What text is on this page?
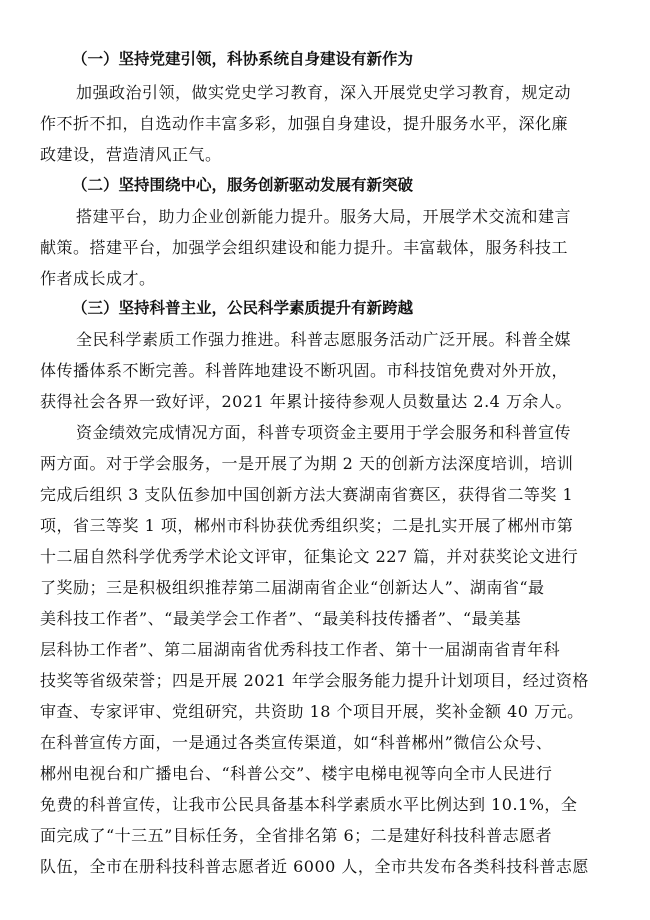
（一）坚持党建引领，科协系统自身建设有新作为
加强政治引领，做实党史学习教育，深入开展党史学习教育，规定动
作不折不扣，自选动作丰富多彩，加强自身建设，提升服务水平，深化廉
政建设，营造清风正气。
（二）坚持围绕中心，服务创新驱动发展有新突破
搭建平台，助力企业创新能力提升。服务大局，开展学术交流和建言
献策。搭建平台，加强学会组织建设和能力提升。丰富载体，服务科技工
作者成长成才。
（三）坚持科普主业，公民科学素质提升有新跨越
全民科学素质工作强力推进。科普志愿服务活动广泛开展。科普全媒
体传播体系不断完善。科普阵地建设不断巩固。市科技馆免费对外开放，
获得社会各界一致好评，2021 年累计接待参观人员数量达 2.4 万余人。
资金绩效完成情况方面，科普专项资金主要用于学会服务和科普宣传
两方面。对于学会服务，一是开展了为期 2 天的创新方法深度培训，培训
完成后组织 3 支队伍参加中国创新方法大赛湖南省赛区，获得省二等奖 1
项，省三等奖 1 项，郴州市科协获优秀组织奖；二是扎实开展了郴州市第
十二届自然科学优秀学术论文评审，征集论文 227 篇，并对获奖论文进行
了奖励；三是积极组织推荐第二届湖南省企业“创新达人”、湖南省“最
美科技工作者”、“最美学会工作者”、“最美科技传播者”、“最美基
层科协工作者”、第二届湖南省优秀科技工作者、第十一届湖南省青年科
技奖等省级荣誉；四是开展 2021 年学会服务能力提升计划项目，经过资格
审查、专家评审、党组研究，共资助 18 个项目开展，奖补金额 40 万元。
在科普宣传方面，一是通过各类宣传渠道，如“科普郴州”微信公众号、
郴州电视台和广播电台、“科普公交”、楼宇电梯电视等向全市人民进行
免费的科普宣传，让我市公民具备基本科学素质水平比例达到 10.1%，全
面完成了“十三五”目标任务，全省排名第 6；二是建好科技科普志愿者
队伍，全市在册科技科普志愿者近 6000 人，全市共发布各类科技科普志愿
